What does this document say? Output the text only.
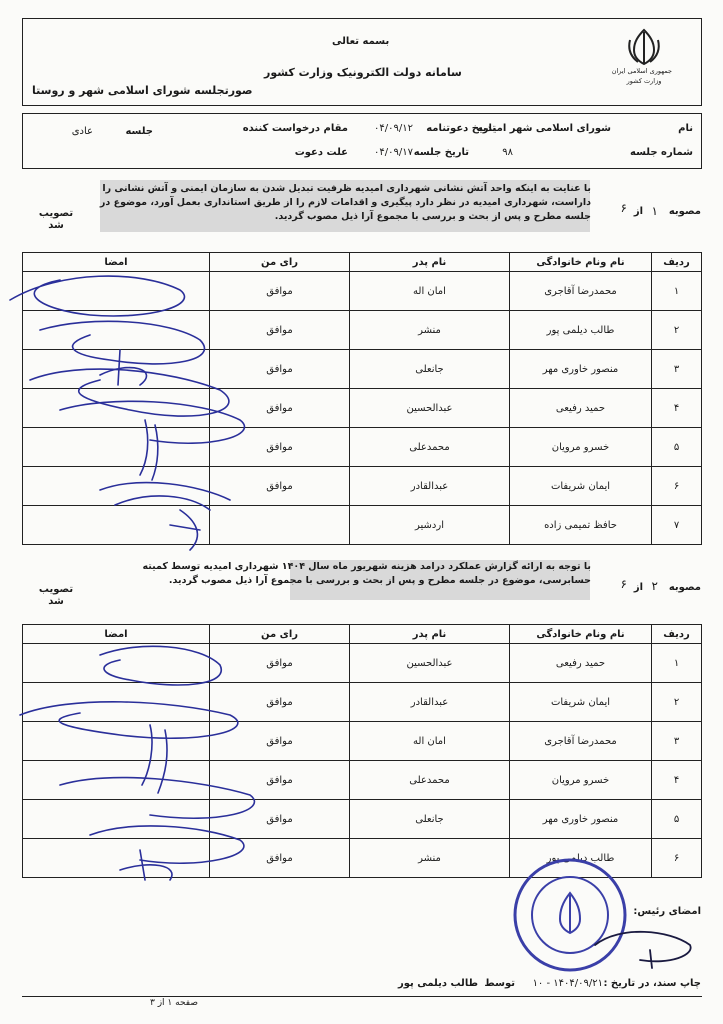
بسمه تعالی
سامانه دولت الکترونیک وزارت کشور
صورتجلسه شورای اسلامی شهر و روستا
جمهوری اسلامی ایران
وزارت کشور
نام
شورای اسلامی شهر امیدیه
تاریخ دعوتنامه
۰۴/۰۹/۱۲
مقام درخواست کننده
جلسه
عادی
شماره جلسه
۹۸
تاریخ جلسه
۰۴/۰۹/۱۷
علت دعوت
با عنایت به اینکه واحد آتش نشانی شهرداری امیدیه ظرفیت تبدیل شدن به سازمان ایمنی و آتش نشانی را داراست، شهرداری امیدیه در نظر دارد پیگیری و اقدامات لازم را از طریق استانداری بعمل آورد، موضوع در جلسه مطرح و پس از بحث و بررسی با مجموع آرا ذیل مصوب گردید.	مصوبه
۱
از
۶
تصویب شد
ردیف	نام ونام خانوادگی	نام پدر	رای من	امضا
۱	محمدرضا آقاجری	امان اله	موافق	
۲	طالب دیلمی پور	منشر	موافق	
۳	منصور خاوری مهر	جانعلی	موافق	
۴	حمید رفیعی	عبدالحسین	موافق	
۵	خسرو مرویان	محمدعلی	موافق	
۶	ایمان شریفات	عبدالقادر	موافق	
۷	حافظ تمیمی زاده	اردشیر		
با توجه به ارائه گزارش عملکرد درامد هزینه شهریور ماه سال ۱۴۰۴ شهرداری امیدیه توسط کمیته حسابرسی، موضوع در جلسه مطرح و پس از بحث و بررسی با مجموع آرا ذیل مصوب گردید.
مصوبه
۲
از
۶
تصویب شد
ردیف	نام ونام خانوادگی	نام پدر	رای من	امضا
۱	حمید رفیعی	عبدالحسین	موافق	
۲	ایمان شریفات	عبدالقادر	موافق	
۳	محمدرضا آقاجری	امان اله	موافق	
۴	خسرو مرویان	محمدعلی	موافق	
۵	منصور خاوری مهر	جانعلی	موافق	
۶	طالب دیلمی پور	منشر	موافق	
امضای رئیس:
چاپ سند، در تاریخ :
۱۴۰۴/۰۹/۲۱ - ۱۰
توسط
طالب دیلمی پور
صفحه ۱ از ۳
